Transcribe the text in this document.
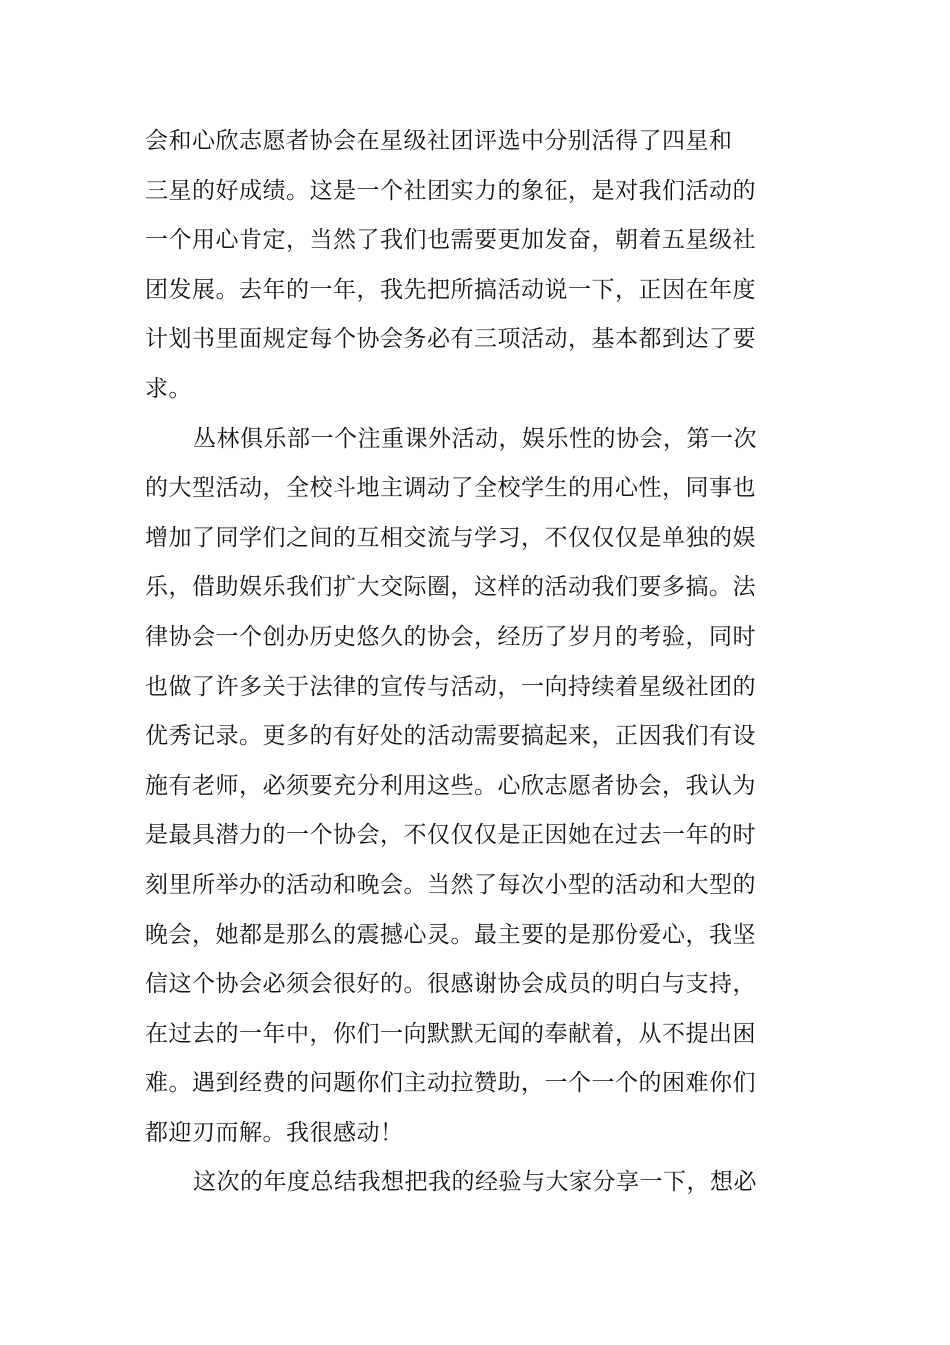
会和心欣志愿者协会在星级社团评选中分别活得了四星和
三星的好成绩。这是一个社团实力的象征，是对我们活动的
一个用心肯定，当然了我们也需要更加发奋，朝着五星级社
团发展。去年的一年，我先把所搞活动说一下，正因在年度
计划书里面规定每个协会务必有三项活动，基本都到达了要
求。
丛林俱乐部一个注重课外活动，娱乐性的协会，第一次
的大型活动，全校斗地主调动了全校学生的用心性，同事也
增加了同学们之间的互相交流与学习，不仅仅仅是单独的娱
乐，借助娱乐我们扩大交际圈，这样的活动我们要多搞。法
律协会一个创办历史悠久的协会，经历了岁月的考验，同时
也做了许多关于法律的宣传与活动，一向持续着星级社团的
优秀记录。更多的有好处的活动需要搞起来，正因我们有设
施有老师，必须要充分利用这些。心欣志愿者协会，我认为
是最具潜力的一个协会，不仅仅仅是正因她在过去一年的时
刻里所举办的活动和晚会。当然了每次小型的活动和大型的
晚会，她都是那么的震撼心灵。最主要的是那份爱心，我坚
信这个协会必须会很好的。很感谢协会成员的明白与支持，
在过去的一年中，你们一向默默无闻的奉献着，从不提出困
难。遇到经费的问题你们主动拉赞助，一个一个的困难你们
都迎刃而解。我很感动！
这次的年度总结我想把我的经验与大家分享一下，想必
